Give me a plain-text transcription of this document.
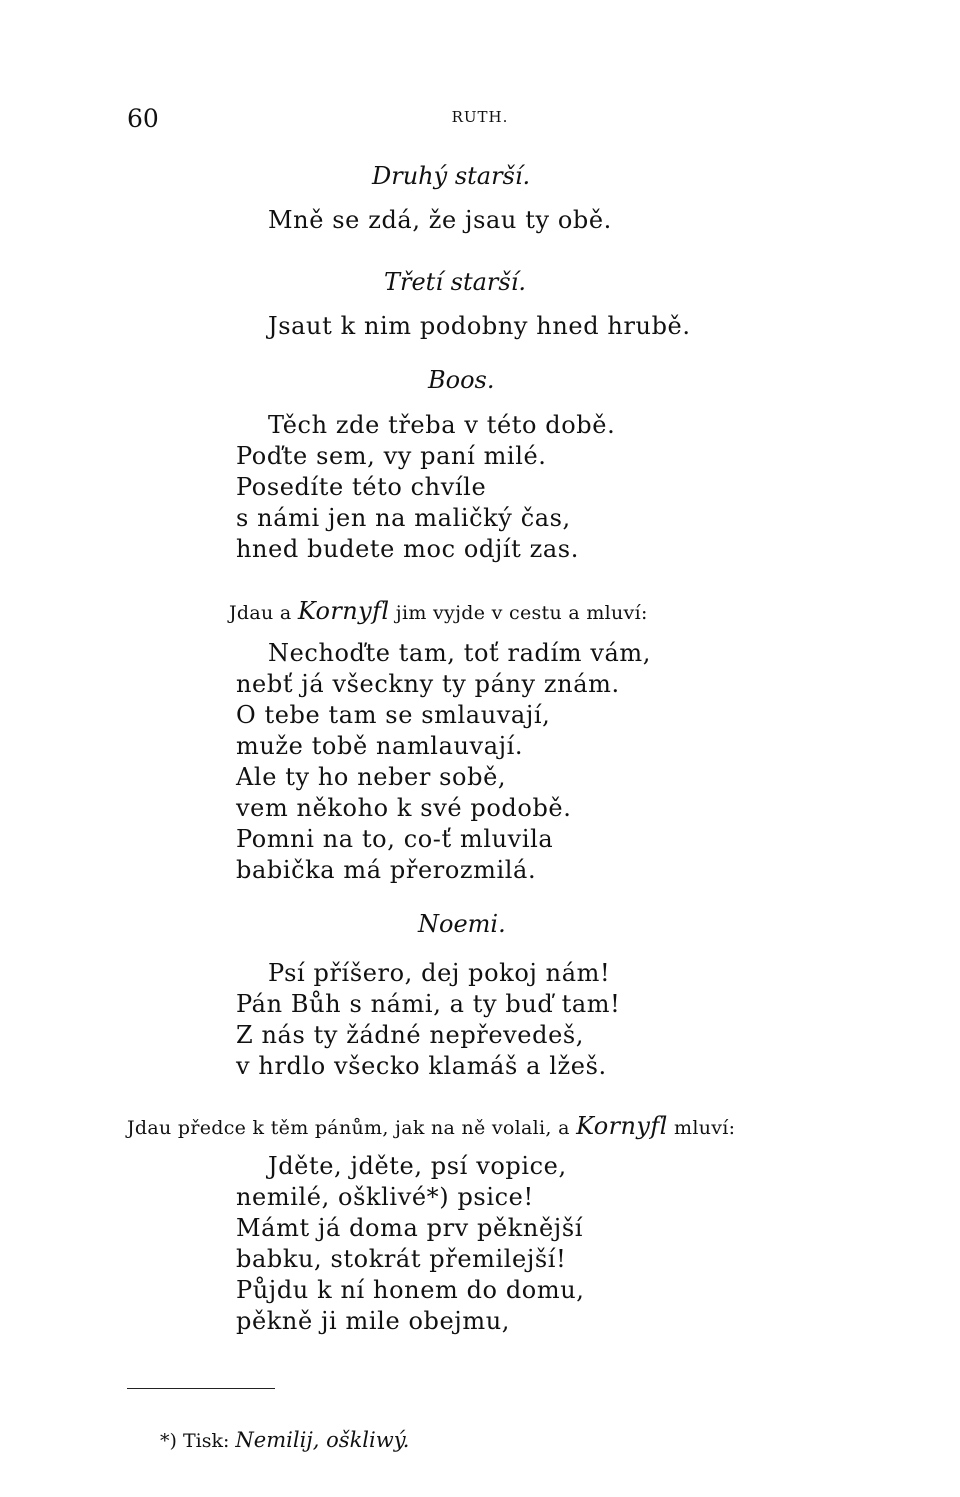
60	RUTH.
Druhý starší.
Mně se zdá, že jsau ty obě.
Třetí starší.
Jsaut k nim podobny hned hrubě.
Boos.
Těch zde třeba v této době.
Poďte sem, vy paní milé.
Posedíte této chvíle
s námi jen na maličký čas,
hned budete moc odjít zas.
Jdau a Kornyfl jim vyjde v cestu a mluví:
Nechoďte tam, toť radím vám,
nebť já všeckny ty pány znám.
O tebe tam se smlauvají,
muže tobě namlauvají.
Ale ty ho neber sobě,
vem někoho k své podobě.
Pomni na to, co-ť mluvila
babička má přerozmilá.
Noemi.
Psí příšero, dej pokoj nám!
Pán Bůh s námi, a ty buď tam!
Z nás ty žádné nepřevedeš,
v hrdlo všecko klamáš a lžeš.
Jdau předce k těm pánům, jak na ně volali, a Kornyfl mluví:
Jděte, jděte, psí vopice,
nemilé, ošklivé*) psice!
Mámt já doma prv pěknější
babku, stokrát přemilejší!
Půjdu k ní honem do domu,
pěkně ji mile obejmu,
*) Tisk: Nemilij, oškliwý.
